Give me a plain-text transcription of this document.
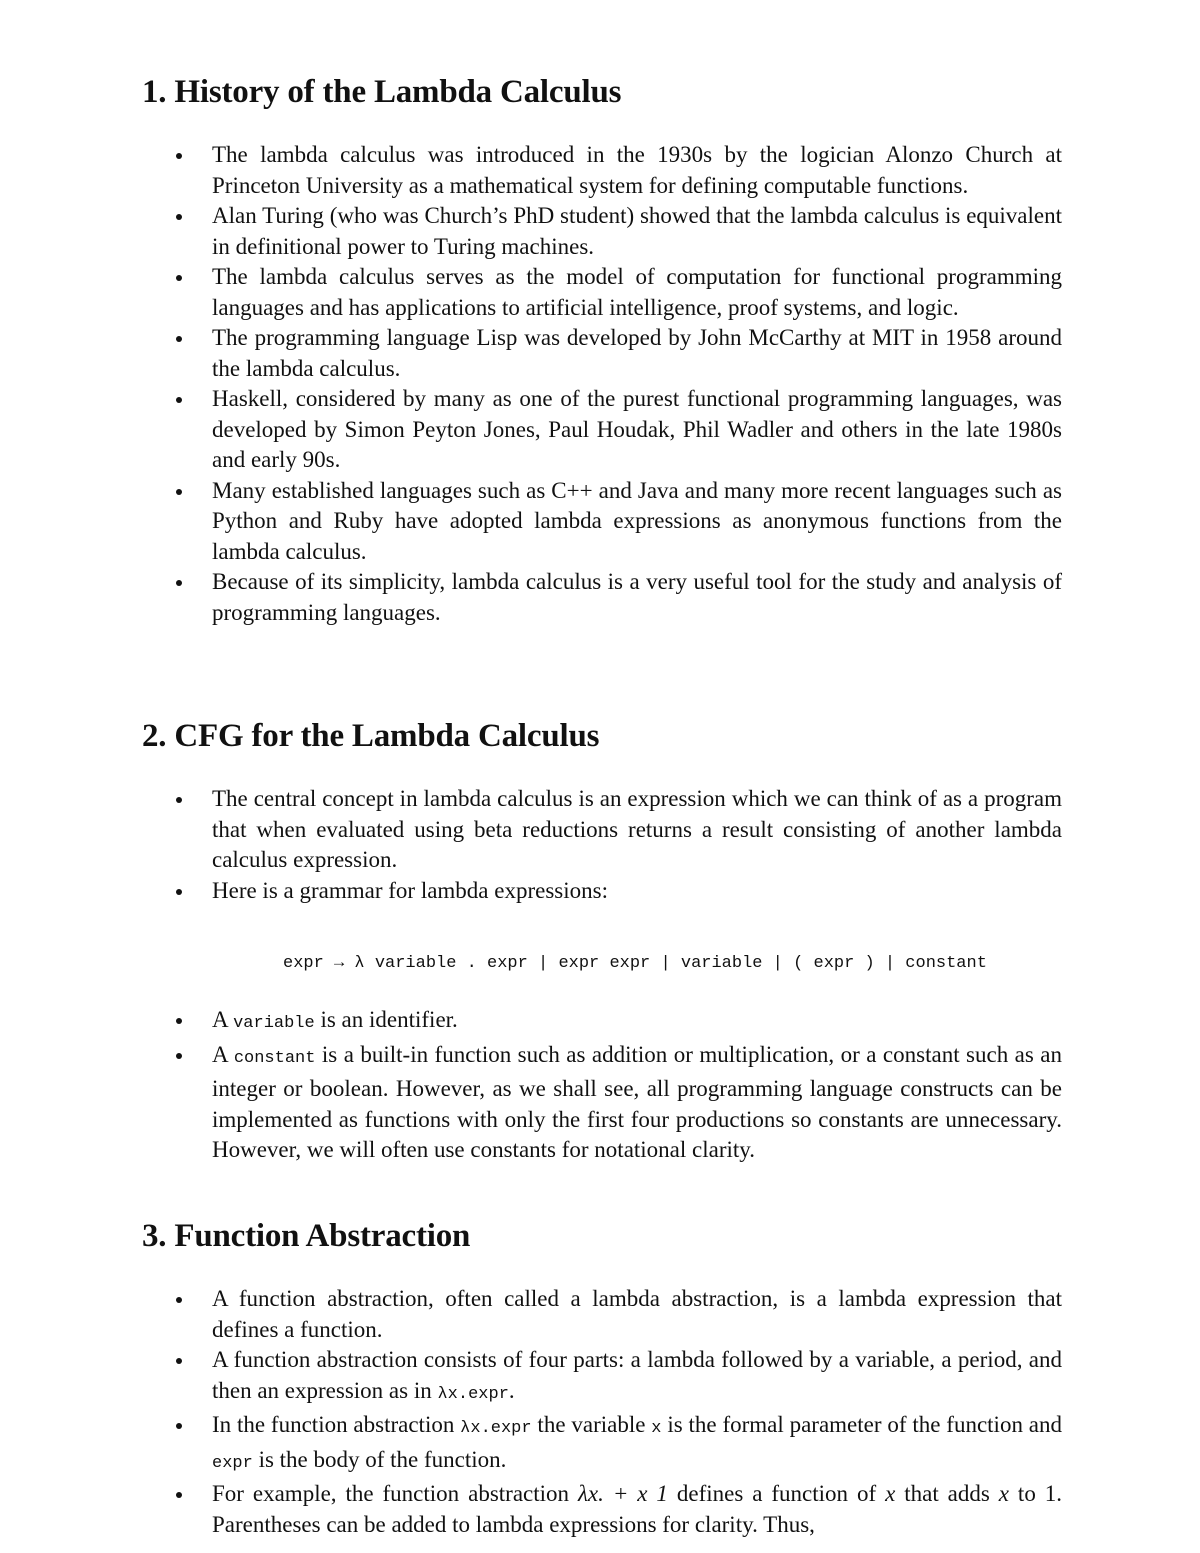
1. History of the Lambda Calculus
The lambda calculus was introduced in the 1930s by the logician Alonzo Church at Princeton University as a mathematical system for defining computable functions.
Alan Turing (who was Church’s PhD student) showed that the lambda calculus is equivalent in definitional power to Turing machines.
The lambda calculus serves as the model of computation for functional programming languages and has applications to artificial intelligence, proof systems, and logic.
The programming language Lisp was developed by John McCarthy at MIT in 1958 around the lambda calculus.
Haskell, considered by many as one of the purest functional programming languages, was developed by Simon Peyton Jones, Paul Houdak, Phil Wadler and others in the late 1980s and early 90s.
Many established languages such as C++ and Java and many more recent languages such as Python and Ruby have adopted lambda expressions as anonymous functions from the lambda calculus.
Because of its simplicity, lambda calculus is a very useful tool for the study and analysis of programming languages.
2. CFG for the Lambda Calculus
The central concept in lambda calculus is an expression which we can think of as a program that when evaluated using beta reductions returns a result consisting of another lambda calculus expression.
Here is a grammar for lambda expressions:
expr → λ variable . expr | expr expr | variable | ( expr ) | constant
A variable is an identifier.
A constant is a built-in function such as addition or multiplication, or a constant such as an integer or boolean. However, as we shall see, all programming language constructs can be implemented as functions with only the first four productions so constants are unnecessary. However, we will often use constants for notational clarity.
3. Function Abstraction
A function abstraction, often called a lambda abstraction, is a lambda expression that defines a function.
A function abstraction consists of four parts: a lambda followed by a variable, a period, and then an expression as in λx.expr.
In the function abstraction λx.expr the variable x is the formal parameter of the function and expr is the body of the function.
For example, the function abstraction λx. + x 1 defines a function of x that adds x to 1. Parentheses can be added to lambda expressions for clarity. Thus,
